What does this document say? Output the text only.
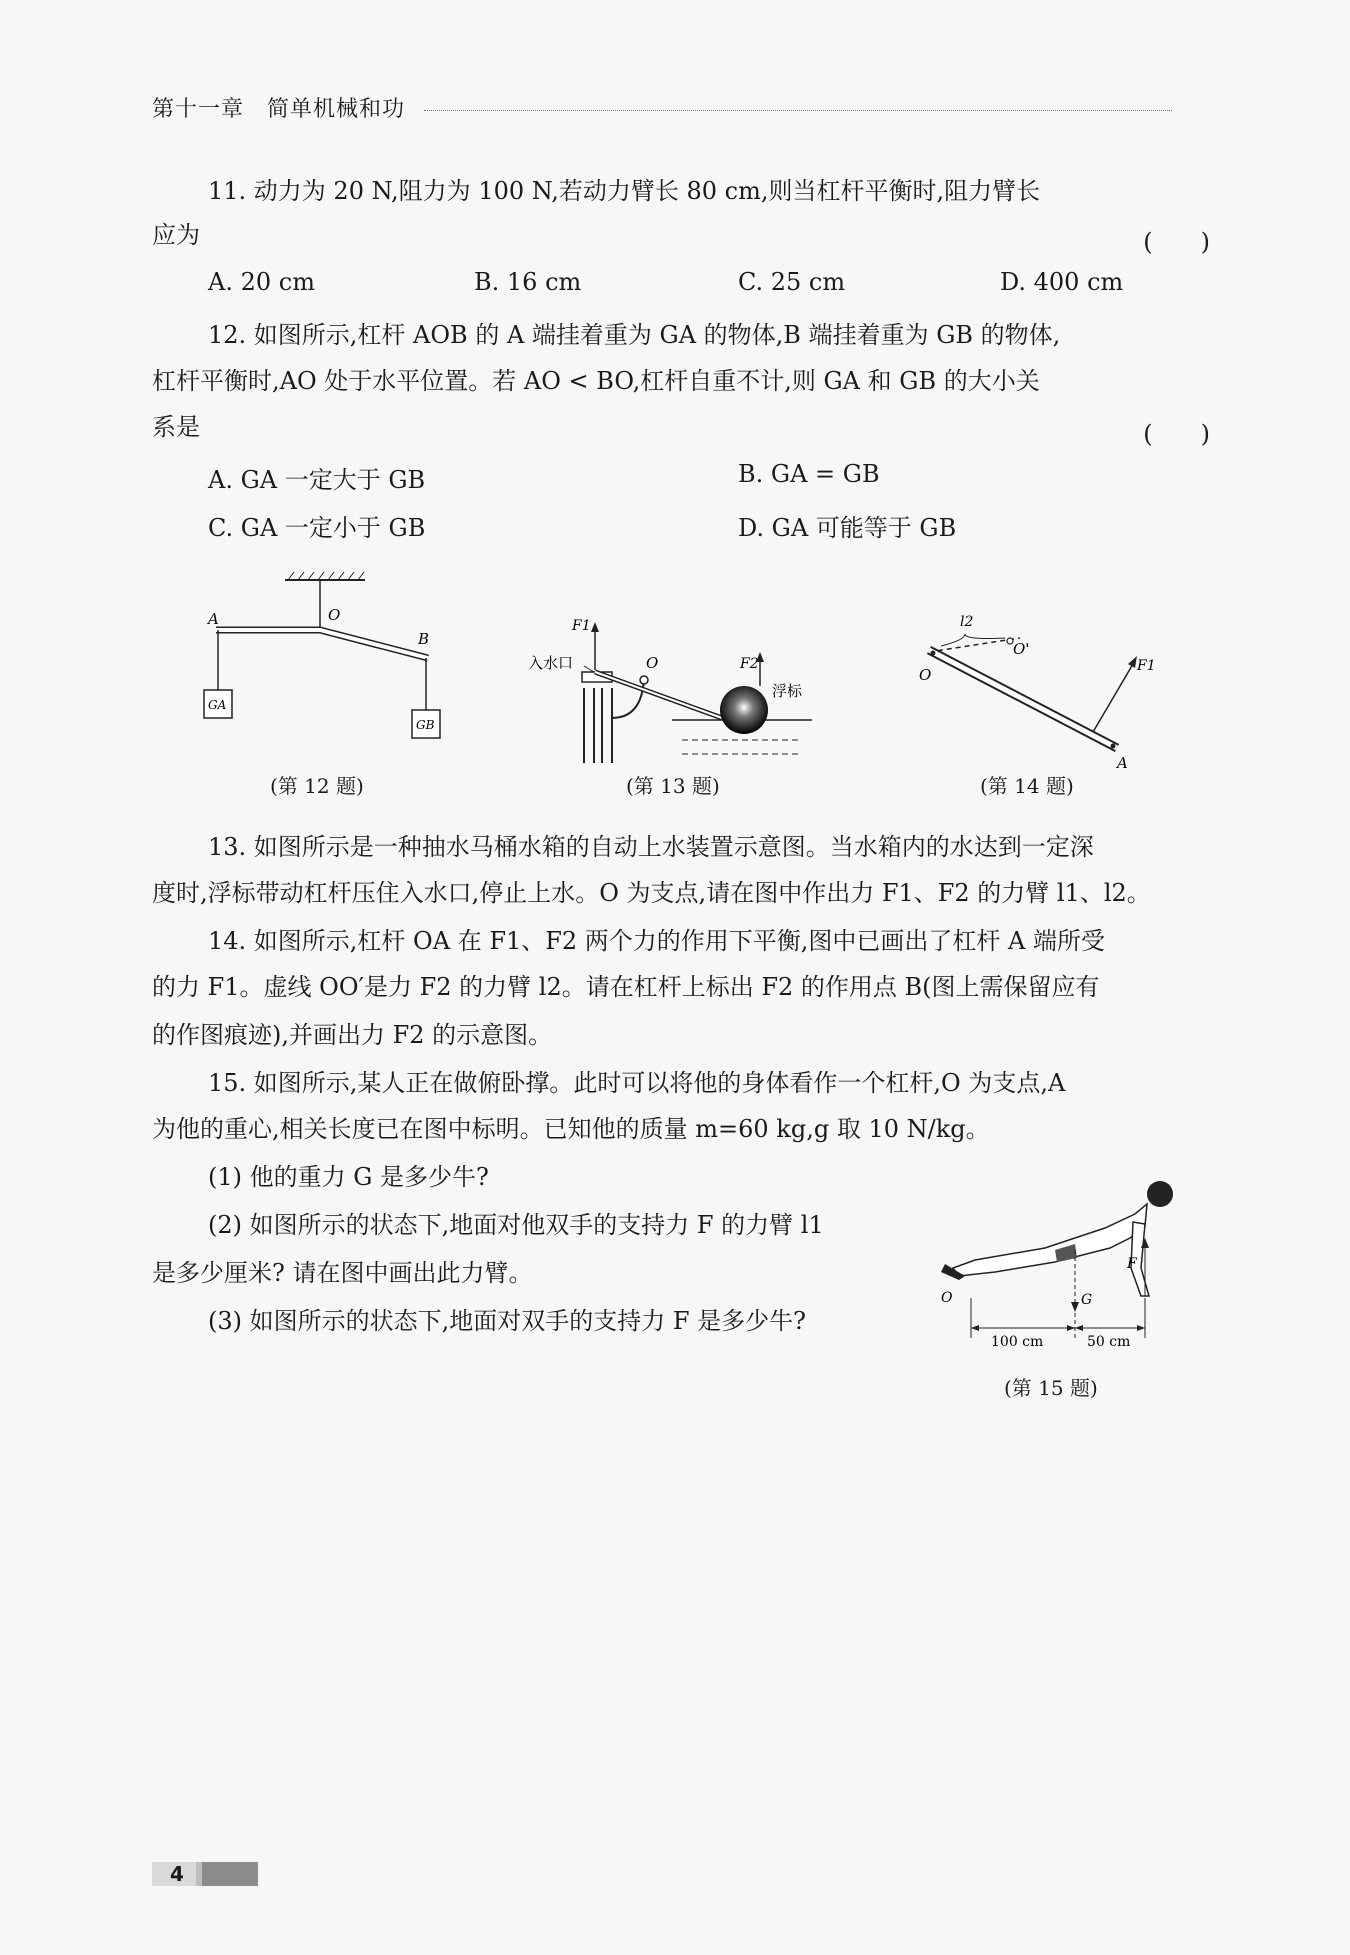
第十一章　简单机械和功
11. 动力为 20 N,阻力为 100 N,若动力臂长 80 cm,则当杠杆平衡时,阻力臂长
应为	(　　)
A. 20 cm	B. 16 cm	C. 25 cm	D. 400 cm
12. 如图所示,杠杆 AOB 的 A 端挂着重为 GA 的物体,B 端挂着重为 GB 的物体,
杠杆平衡时,AO 处于水平位置。若 AO < BO,杠杆自重不计,则 GA 和 GB 的大小关
系是	(　　)
A. GA 一定大于 GB	B. GA = GB
C. GA 一定小于 GB	D. GA 可能等于 GB
A	O
B
GA
GB
(第 12 题)
F1
入水口	O	F2
浮标
(第 13 题)
l2
O'
O
A
F1
(第 14 题)
13. 如图所示是一种抽水马桶水箱的自动上水装置示意图。当水箱内的水达到一定深
度时,浮标带动杠杆压住入水口,停止上水。O 为支点,请在图中作出力 F1、F2 的力臂 l1、l2。
14. 如图所示,杠杆 OA 在 F1、F2 两个力的作用下平衡,图中已画出了杠杆 A 端所受
的力 F1。虚线 OO′是力 F2 的力臂 l2。请在杠杆上标出 F2 的作用点 B(图上需保留应有
的作图痕迹),并画出力 F2 的示意图。
15. 如图所示,某人正在做俯卧撑。此时可以将他的身体看作一个杠杆,O 为支点,A
为他的重心,相关长度已在图中标明。已知他的质量 m=60 kg,g 取 10 N/kg。
(1) 他的重力 G 是多少牛?
(2) 如图所示的状态下,地面对他双手的支持力 F 的力臂 l1
是多少厘米? 请在图中画出此力臂。
(3) 如图所示的状态下,地面对双手的支持力 F 是多少牛?
O	G
F
100 cm	50 cm
(第 15 题)
4
